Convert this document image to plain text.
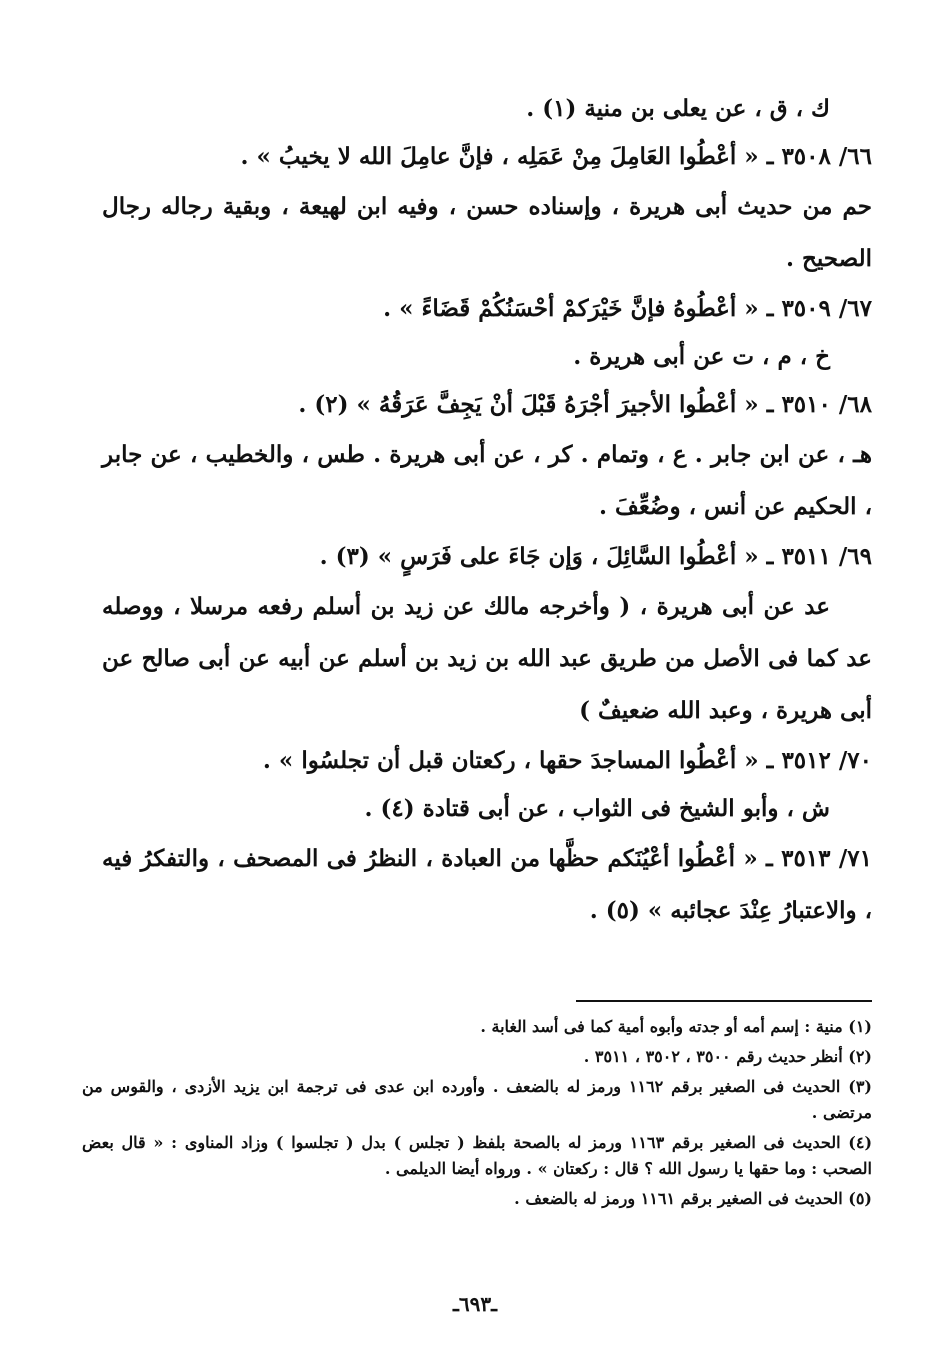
ك ، ق ، عن يعلى بن منية (١) .
٦٦/ ٣٥٠٨ ـ « أعْطُوا العَامِلَ مِنْ عَمَلِه ، فإنَّ عامِلَ الله لا يخيبُ » .
حم من حديث أبى هريرة ، وإسناده حسن ، وفيه ابن لهيعة ، وبقية رجاله رجال الصحيح .
٦٧/ ٣٥٠٩ ـ « أعْطُوهُ فإنَّ خَيْرَكمْ أحْسَنُكُمْ قَضَاءً » .
خ ، م ، ت عن أبى هريرة .
٦٨/ ٣٥١٠ ـ « أعْطُوا الأجيرَ أجْرَهُ قَبْلَ أنْ يَجِفَّ عَرَقُهُ » (٢) .
هـ ، عن ابن جابر . ع ، وتمام . كر ، عن أبى هريرة . طس ، والخطيب ، عن جابر ، الحكيم عن أنس ، وضُعِّفَ .
٦٩/ ٣٥١١ ـ « أعْطُوا السَّائِلَ ، وَإن جَاءَ على فَرَسٍ » (٣) .
عد عن أبى هريرة ، ( وأخرجه مالك عن زيد بن أسلم رفعه مرسلا ، ووصله عد كما فى الأصل من طريق عبد الله بن زيد بن أسلم عن أبيه عن أبى صالح عن أبى هريرة ، وعبد الله ضعيفٌ )
٧٠/ ٣٥١٢ ـ « أعْطُوا المساجدَ حقها ، ركعتان قبل أن تجلسُوا » .
ش ، وأبو الشيخ فى الثواب ، عن أبى قتادة (٤) .
٧١/ ٣٥١٣ ـ « أعْطُوا أعْيُنَكم حظَّها من العبادة ، النظرُ فى المصحف ، والتفكرُ فيه ، والاعتبارُ عِنْدَ عجائبه » (٥) .
(١) منية : إسم أمه أو جدته وأبوه أمية كما فى أسد الغابة .
(٢) أنظر حديث رقم ٣٥٠٠ ، ٣٥٠٢ ، ٣٥١١ .
(٣) الحديث فى الصغير برقم ١١٦٢ ورمز له بالضعف . وأورده ابن عدى فى ترجمة ابن يزيد الأزدى ، والقوس من مرتضى .
(٤) الحديث فى الصغير برقم ١١٦٣ ورمز له بالصحة بلفظ ( تجلس ) بدل ( تجلسوا ) وزاد المناوى : « قال بعض الصحب : وما حقها يا رسول الله ؟ قال : ركعتان » . ورواه أيضا الديلمى .
(٥) الحديث فى الصغير برقم ١١٦١ ورمز له بالضعف .
ـ٦٩٣ـ
